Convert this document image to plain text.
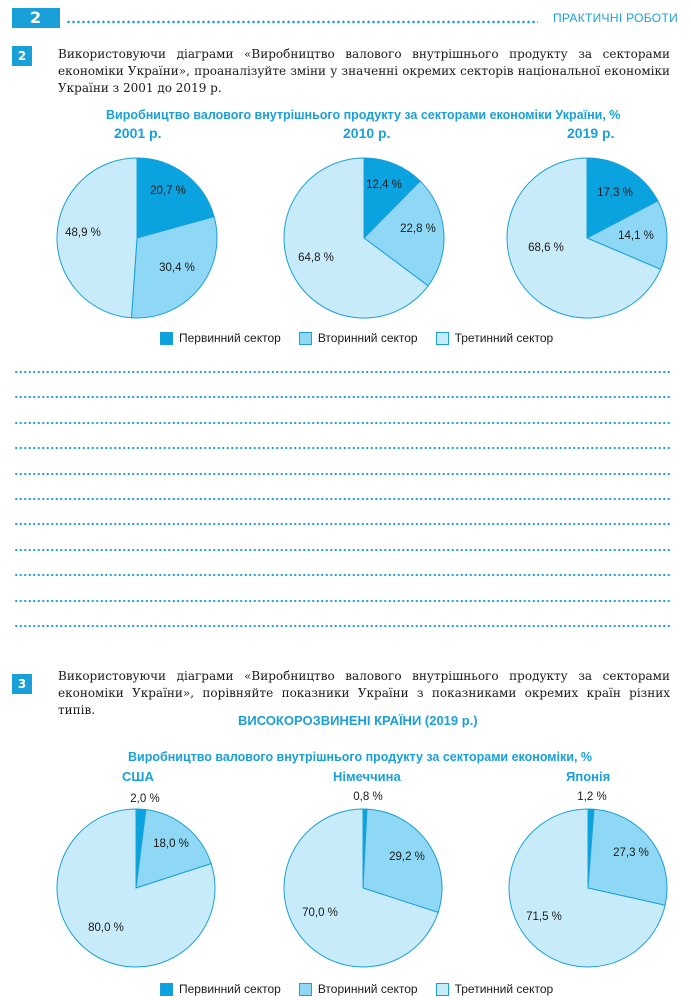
2	ПРАКТИЧНІ РОБОТИ
2	Використовуючи діаграми «Виробництво валового внутрішнього продукту за секторами економіки України», проаналізуйте зміни у значенні окремих секторів національної економіки України з 2001 до 2019 р.
Виробництво валового внутрішнього продукту за секторами економіки України, %
2001 р.	2010 р.	2019 р.
20,7 %
30,4 %
48,9 %
12,4 %
22,8 %
64,8 %
17,3 %
14,1 %
68,6 %
Первинний сектор	Вторинний сектор	Третинний сектор
3
Використовуючи діаграми «Виробництво валового внутрішнього продукту за секторами економіки України», порівняйте показники України з показниками окремих країн різних типів.
ВИСОКОРОЗВИНЕНІ КРАЇНИ (2019 р.)
Виробництво валового внутрішнього продукту за секторами економіки, %
США	Німеччина	Японія
2,0 %
18,0 %
80,0 %
0,8 %
29,2 %
70,0 %
1,2 %
27,3 %
71,5 %
Первинний сектор	Вторинний сектор	Третинний сектор
